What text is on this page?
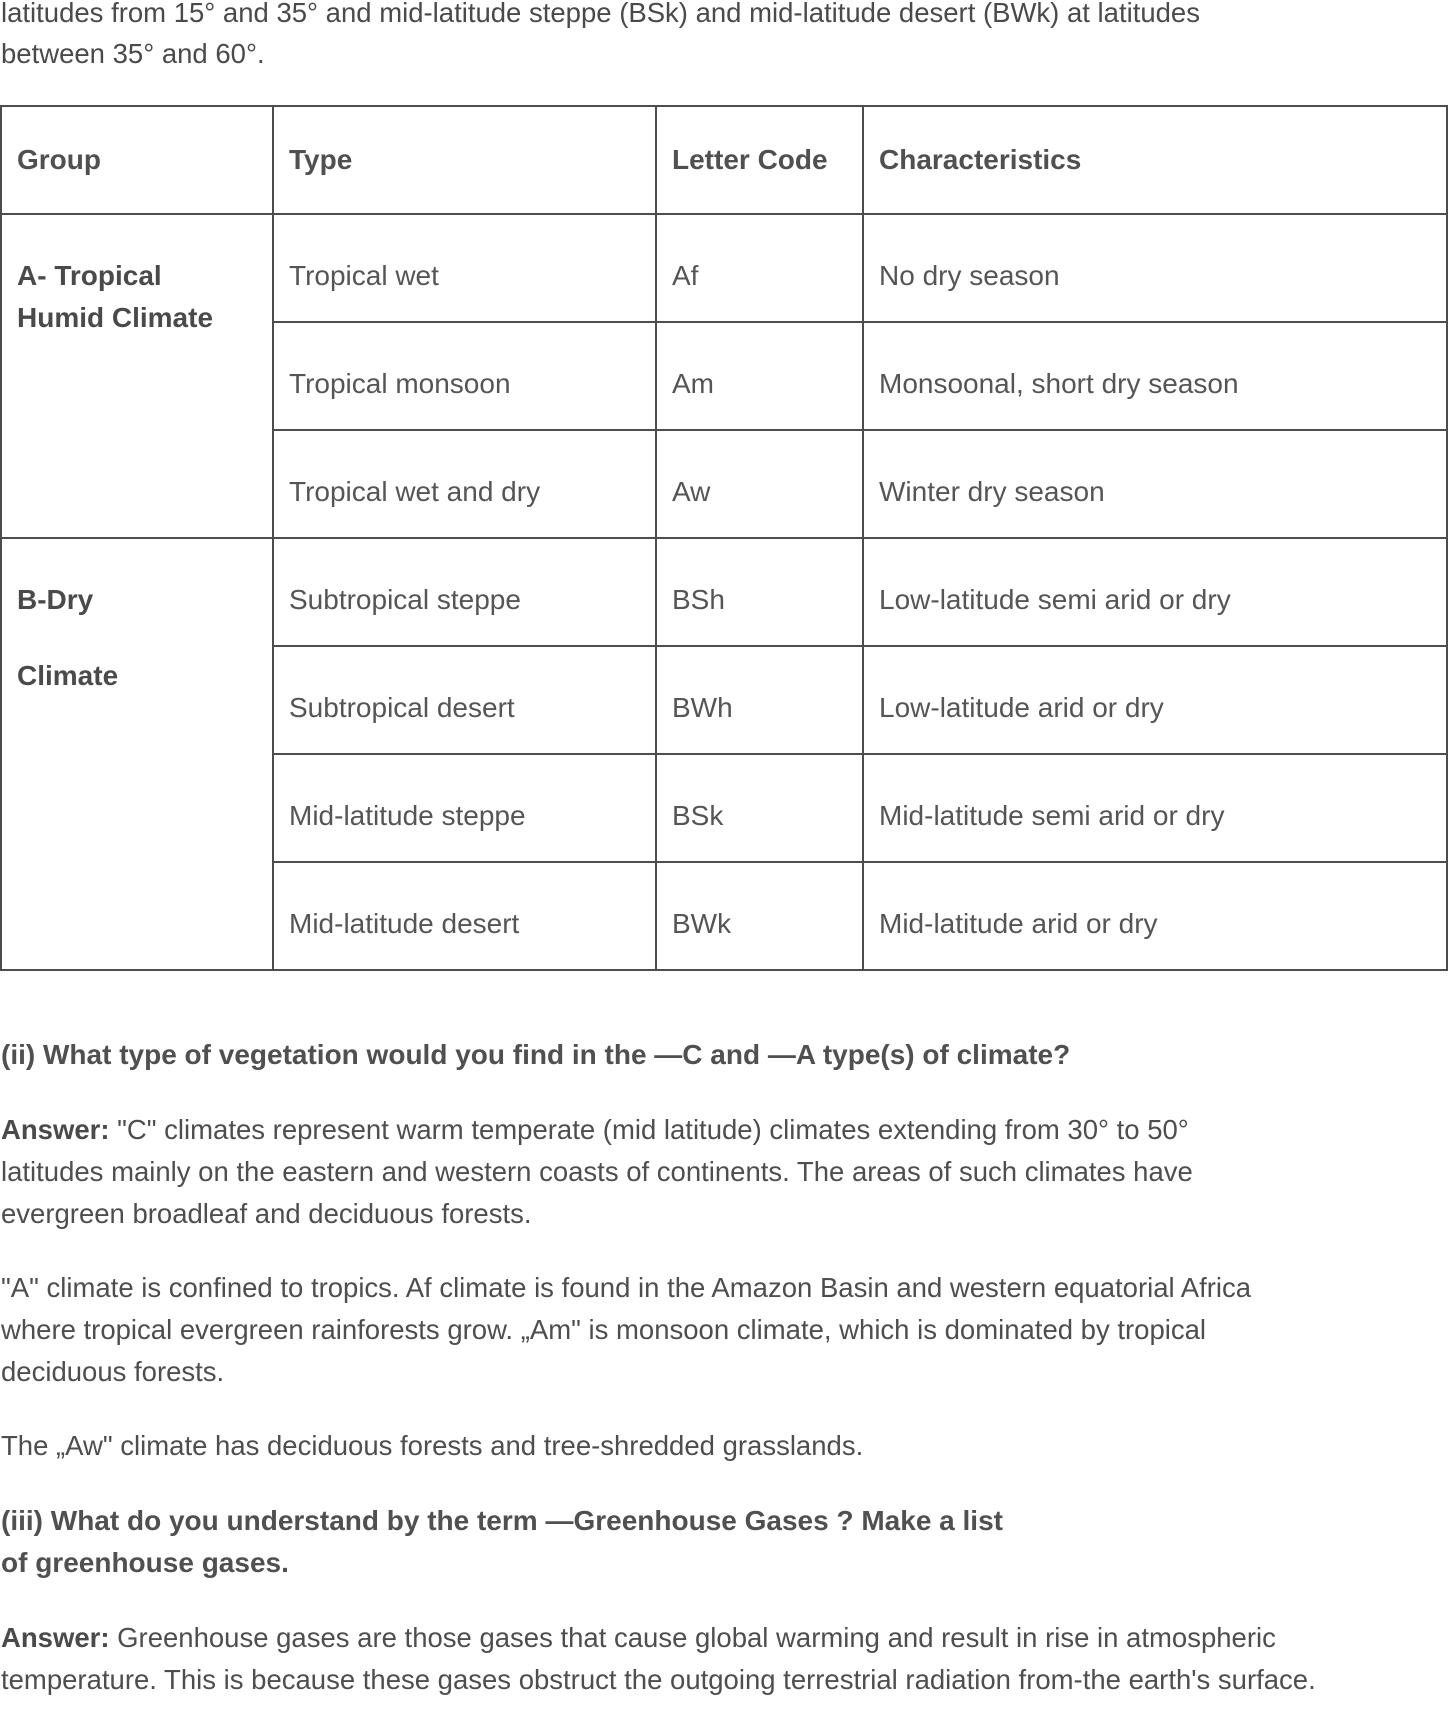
latitudes from 15° and 35° and mid-latitude steppe (BSk) and mid-latitude desert (BWk) at latitudes between 35° and 60°.

Group	Type	Letter Code	Characteristics

A- Tropical
Humid Climate	Tropical wet	Af	No dry season
	Tropical monsoon	Am	Monsoonal, short dry season
	Tropical wet and dry	Aw	Winter dry season

B-Dry
Climate	Subtropical steppe	BSh	Low-latitude semi arid or dry
	Subtropical desert	BWh	Low-latitude arid or dry
	Mid-latitude steppe	BSk	Mid-latitude semi arid or dry
	Mid-latitude desert	BWk	Mid-latitude arid or dry

(ii) What type of vegetation would you find in the —C and —A type(s) of climate?

Answer: "C" climates represent warm temperate (mid latitude) climates extending from 30° to 50° latitudes mainly on the eastern and western coasts of continents. The areas of such climates have evergreen broadleaf and deciduous forests.

"A" climate is confined to tropics. Af climate is found in the Amazon Basin and western equatorial Africa where tropical evergreen rainforests grow. „Am" is monsoon climate, which is dominated by tropical deciduous forests.

The „Aw" climate has deciduous forests and tree-shredded grasslands.

(iii) What do you understand by the term —Greenhouse Gases ? Make a list

of greenhouse gases.

Answer: Greenhouse gases are those gases that cause global warming and result in rise in atmospheric temperature. This is because these gases obstruct the outgoing terrestrial radiation from-the earth's surface.
